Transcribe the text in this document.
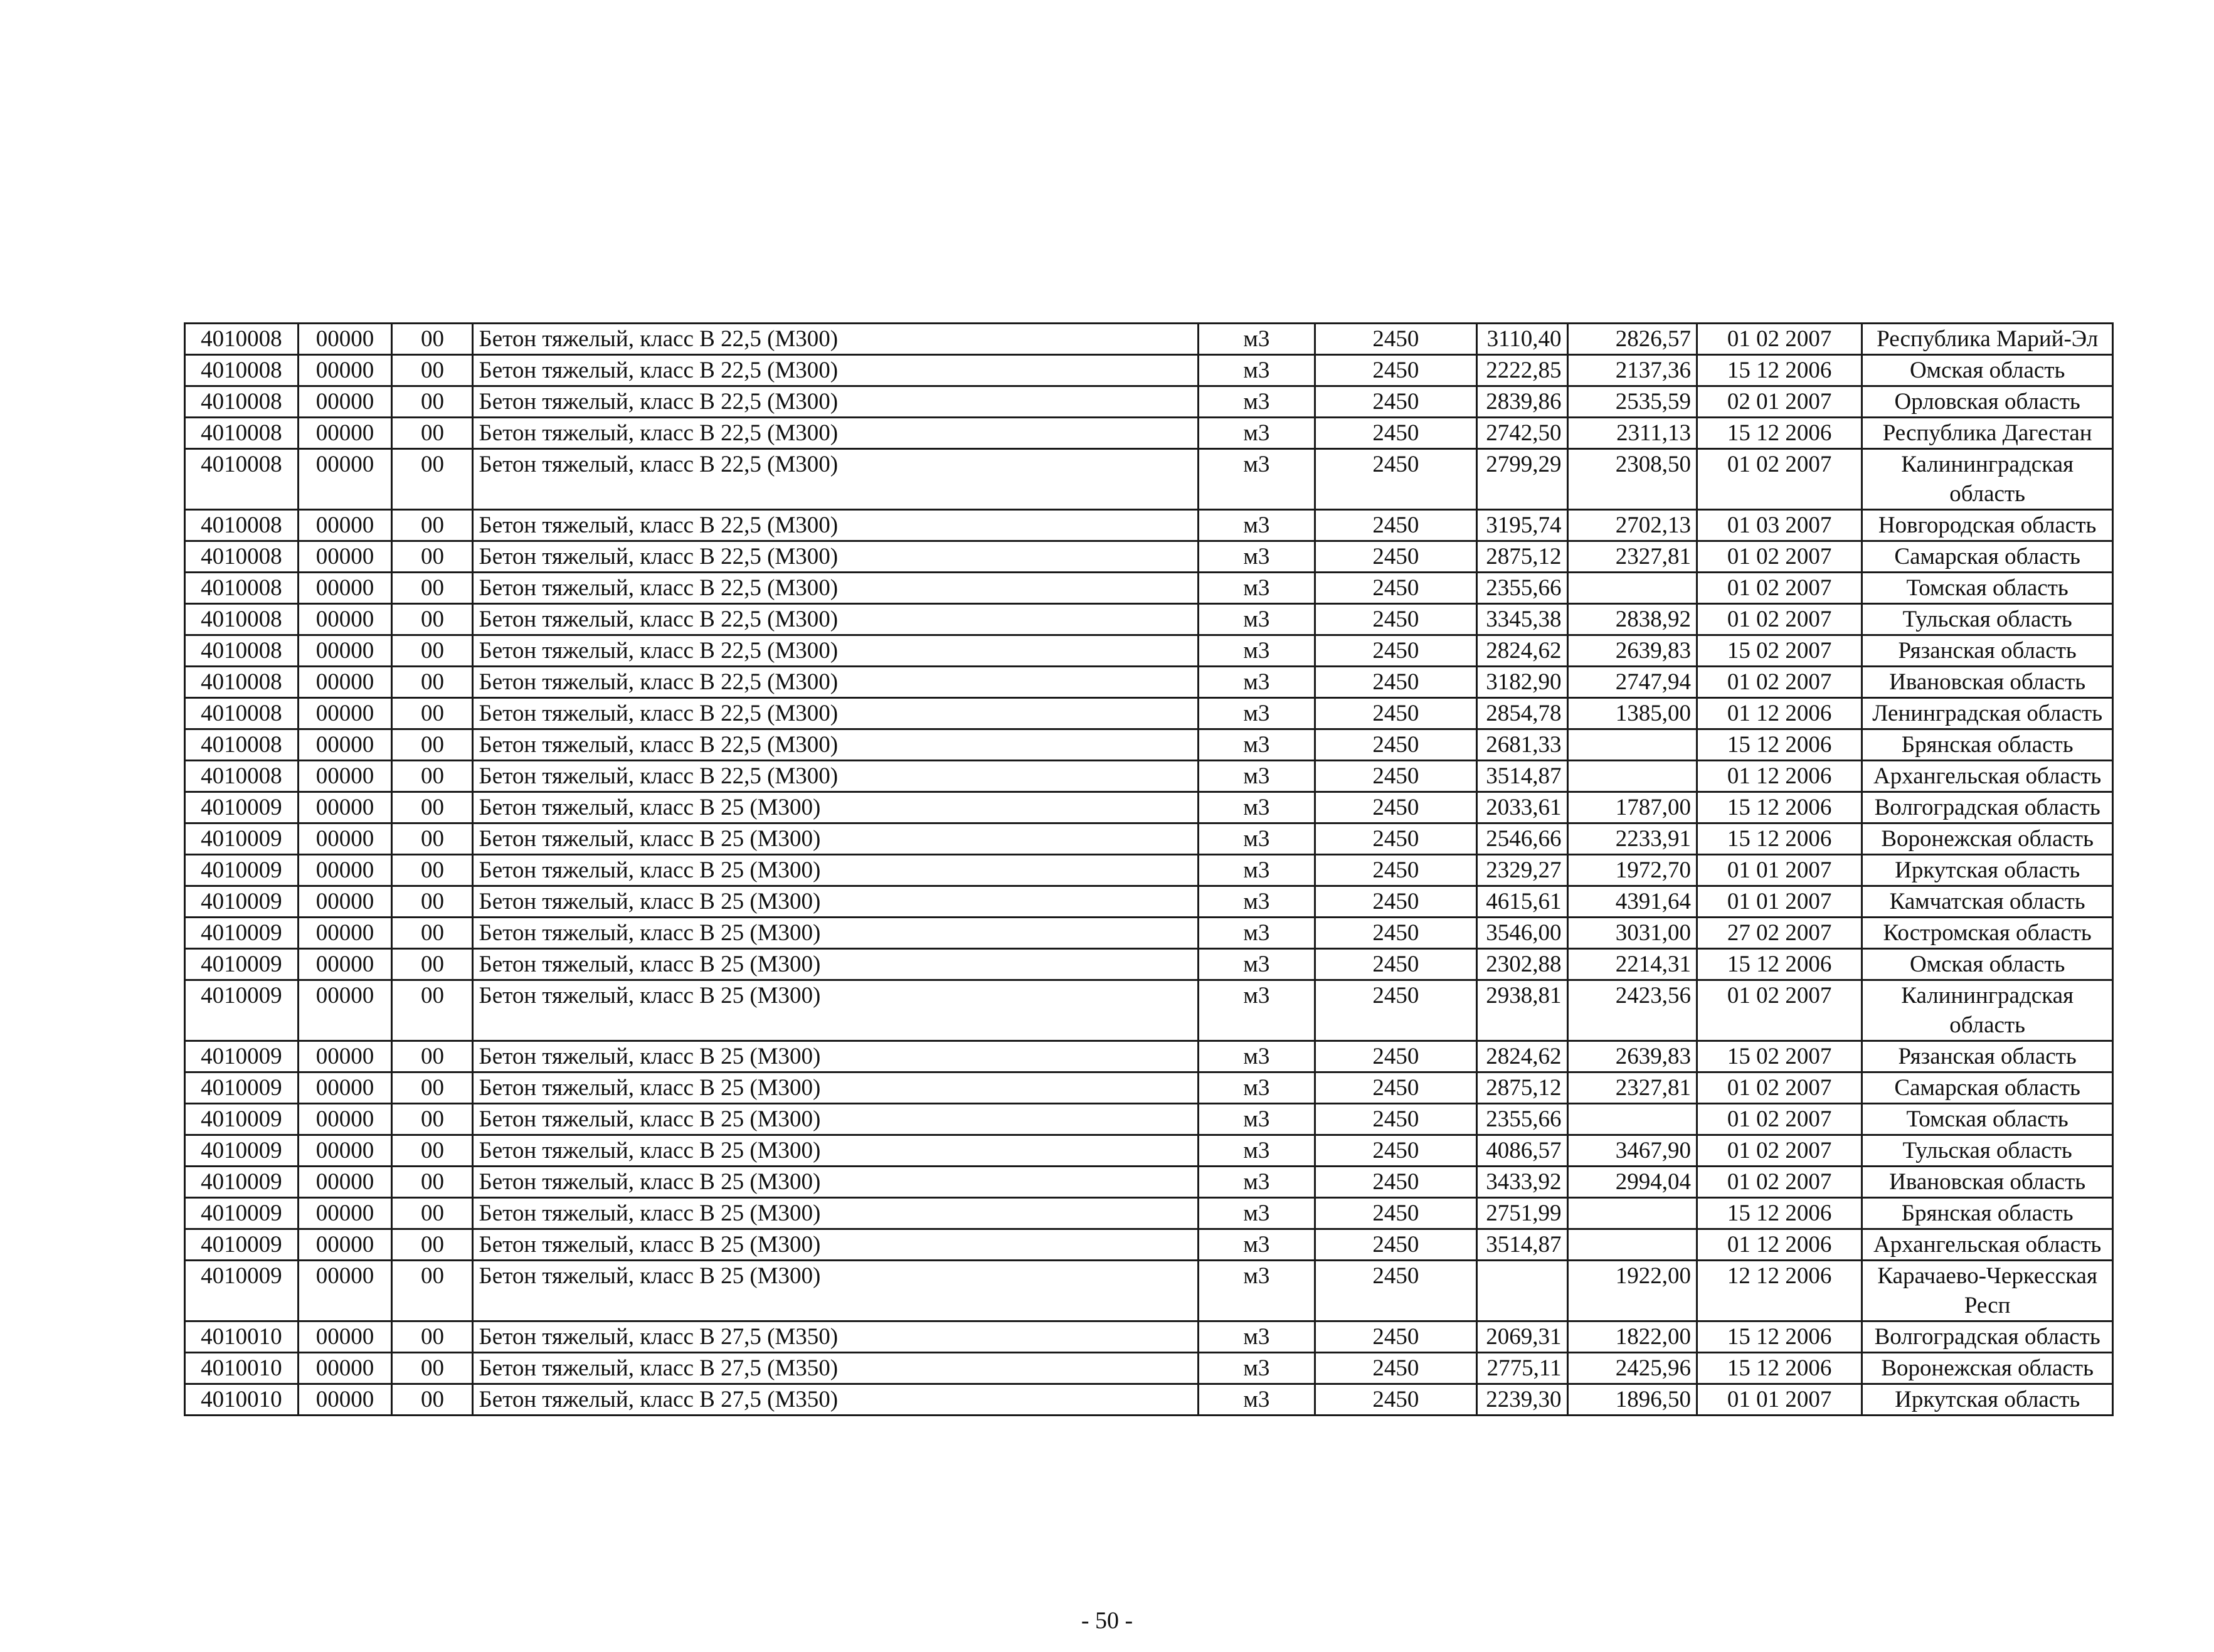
4010008	00000	00	Бетон тяжелый, класс В 22,5 (М300)	м3	2450	3110,40	2826,57	01 02 2007	Республика Марий-Эл
4010008	00000	00	Бетон тяжелый, класс В 22,5 (М300)	м3	2450	2222,85	2137,36	15 12 2006	Омская область
4010008	00000	00	Бетон тяжелый, класс В 22,5 (М300)	м3	2450	2839,86	2535,59	02 01 2007	Орловская область
4010008	00000	00	Бетон тяжелый, класс В 22,5 (М300)	м3	2450	2742,50	2311,13	15 12 2006	Республика Дагестан
4010008	00000	00	Бетон тяжелый, класс В 22,5 (М300)	м3	2450	2799,29	2308,50	01 02 2007	Калининградская область
4010008	00000	00	Бетон тяжелый, класс В 22,5 (М300)	м3	2450	3195,74	2702,13	01 03 2007	Новгородская область
4010008	00000	00	Бетон тяжелый, класс В 22,5 (М300)	м3	2450	2875,12	2327,81	01 02 2007	Самарская область
4010008	00000	00	Бетон тяжелый, класс В 22,5 (М300)	м3	2450	2355,66		01 02 2007	Томская область
4010008	00000	00	Бетон тяжелый, класс В 22,5 (М300)	м3	2450	3345,38	2838,92	01 02 2007	Тульская область
4010008	00000	00	Бетон тяжелый, класс В 22,5 (М300)	м3	2450	2824,62	2639,83	15 02 2007	Рязанская область
4010008	00000	00	Бетон тяжелый, класс В 22,5 (М300)	м3	2450	3182,90	2747,94	01 02 2007	Ивановская область
4010008	00000	00	Бетон тяжелый, класс В 22,5 (М300)	м3	2450	2854,78	1385,00	01 12 2006	Ленинградская область
4010008	00000	00	Бетон тяжелый, класс В 22,5 (М300)	м3	2450	2681,33		15 12 2006	Брянская область
4010008	00000	00	Бетон тяжелый, класс В 22,5 (М300)	м3	2450	3514,87		01 12 2006	Архангельская область
4010009	00000	00	Бетон тяжелый, класс В 25 (М300)	м3	2450	2033,61	1787,00	15 12 2006	Волгоградская область
4010009	00000	00	Бетон тяжелый, класс В 25 (М300)	м3	2450	2546,66	2233,91	15 12 2006	Воронежская область
4010009	00000	00	Бетон тяжелый, класс В 25 (М300)	м3	2450	2329,27	1972,70	01 01 2007	Иркутская область
4010009	00000	00	Бетон тяжелый, класс В 25 (М300)	м3	2450	4615,61	4391,64	01 01 2007	Камчатская область
4010009	00000	00	Бетон тяжелый, класс В 25 (М300)	м3	2450	3546,00	3031,00	27 02 2007	Костромская область
4010009	00000	00	Бетон тяжелый, класс В 25 (М300)	м3	2450	2302,88	2214,31	15 12 2006	Омская область
4010009	00000	00	Бетон тяжелый, класс В 25 (М300)	м3	2450	2938,81	2423,56	01 02 2007	Калининградская область
4010009	00000	00	Бетон тяжелый, класс В 25 (М300)	м3	2450	2824,62	2639,83	15 02 2007	Рязанская область
4010009	00000	00	Бетон тяжелый, класс В 25 (М300)	м3	2450	2875,12	2327,81	01 02 2007	Самарская область
4010009	00000	00	Бетон тяжелый, класс В 25 (М300)	м3	2450	2355,66		01 02 2007	Томская область
4010009	00000	00	Бетон тяжелый, класс В 25 (М300)	м3	2450	4086,57	3467,90	01 02 2007	Тульская область
4010009	00000	00	Бетон тяжелый, класс В 25 (М300)	м3	2450	3433,92	2994,04	01 02 2007	Ивановская область
4010009	00000	00	Бетон тяжелый, класс В 25 (М300)	м3	2450	2751,99		15 12 2006	Брянская область
4010009	00000	00	Бетон тяжелый, класс В 25 (М300)	м3	2450	3514,87		01 12 2006	Архангельская область
4010009	00000	00	Бетон тяжелый, класс В 25 (М300)	м3	2450		1922,00	12 12 2006	Карачаево-Черкесская Респ
4010010	00000	00	Бетон тяжелый, класс В 27,5 (М350)	м3	2450	2069,31	1822,00	15 12 2006	Волгоградская область
4010010	00000	00	Бетон тяжелый, класс В 27,5 (М350)	м3	2450	2775,11	2425,96	15 12 2006	Воронежская область
4010010	00000	00	Бетон тяжелый, класс В 27,5 (М350)	м3	2450	2239,30	1896,50	01 01 2007	Иркутская область
- 50 -
